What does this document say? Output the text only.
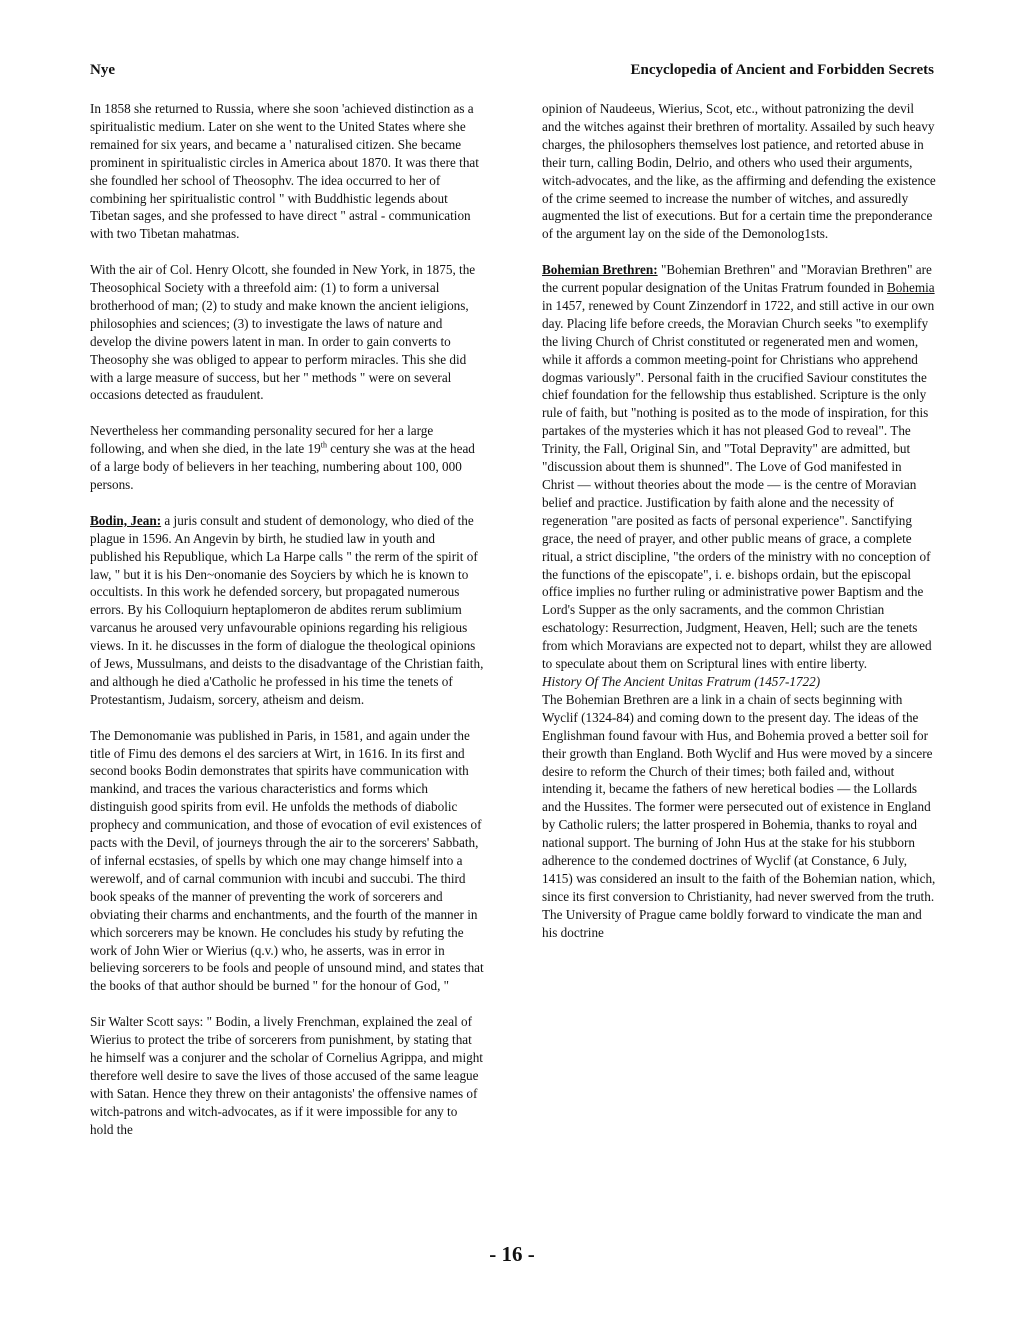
Nye	Encyclopedia of Ancient and Forbidden Secrets

In 1858 she returned to Russia, where she soon 'achieved distinction as a spiritualistic medium. Later on she went to the United States where she remained for six years, and became a ' naturalised citizen. She became prominent in spiritualistic circles in America about 1870. It was there that she foundled her school of Theosophv. The idea occurred to her of combining her spiritualistic control " with Buddhistic legends about Tibetan sages, and she professed to have direct " astral - communication with two Tibetan mahatmas.

With the air of Col. Henry Olcott, she founded in New York, in 1875, the Theosophical Society with a threefold aim: (1) to form a universal brotherhood of man; (2) to study and make known the ancient ieligions, philosophies and sciences; (3) to investigate the laws of nature and develop the divine powers latent in man. In order to gain converts to Theosophy she was obliged to appear to perform miracles. This she did with a large measure of success, but her " methods " were on several occasions detected as fraudulent.

Nevertheless her commanding personality secured for her a large following, and when she died, in the late 19th century she was at the head of a large body of believers in her teaching, numbering about 100, 000 persons.

Bodin, Jean: a juris consult and student of demonology, who died of the plague in 1596. An Angevin by birth, he studied law in youth and published his Republique, which La Harpe calls " the rerm of the spirit of law, " but it is his Den~onomanie des Soyciers by which he is known to occultists. In this work he defended sorcery, but propagated numerous errors. By his Colloquiurn heptaplomeron de abdites rerum sublimium varcanus he aroused very unfavourable opinions regarding his religious views. In it. he discusses in the form of dialogue the theological opinions of Jews, Mussulmans, and deists to the disadvantage of the Christian faith, and although he died a'Catholic he professed in his time the tenets of Protestantism, Judaism, sorcery, atheism and deism.

The Demonomanie was published in Paris, in 1581, and again under the title of Fimu des demons el des sarciers at Wirt, in 1616. In its first and second books Bodin demonstrates that spirits have communication with mankind, and traces the various characteristics and forms which distinguish good spirits from evil. He unfolds the methods of diabolic prophecy and communication, and those of evocation of evil existences of pacts with the Devil, of journeys through the air to the sorcerers' Sabbath, of infernal ecstasies, of spells by which one may change himself into a werewolf, and of carnal communion with incubi and succubi. The third book speaks of the manner of preventing the work of sorcerers and obviating their charms and enchantments, and the fourth of the manner in which sorcerers may be known. He concludes his study by refuting the work of John Wier or Wierius (q.v.) who, he asserts, was in error in believing sorcerers to be fools and people of unsound mind, and states that the books of that author should be burned " for the honour of God, "

Sir Walter Scott says: " Bodin, a lively Frenchman, explained the zeal of Wierius to protect the tribe of sorcerers from punishment, by stating that he himself was a conjurer and the scholar of Cornelius Agrippa, and might therefore well desire to save the lives of those accused of the same league with Satan. Hence they threw on their antagonists' the offensive names of witch-patrons and witch-advocates, as if it were impossible for any to hold the

opinion of Naudeeus, Wierius, Scot, etc., without patronizing the devil and the witches against their brethren of mortality. Assailed by such heavy charges, the philosophers themselves lost patience, and retorted abuse in their turn, calling Bodin, Delrio, and others who used their arguments, witch-advocates, and the like, as the affirming and defending the existence of the crime seemed to increase the number of witches, and assuredly augmented the list of executions. But for a certain time the preponderance of the argument lay on the side of the Demonolog1sts.

Bohemian Brethren: "Bohemian Brethren" and "Moravian Brethren" are the current popular designation of the Unitas Fratrum founded in Bohemia in 1457, renewed by Count Zinzendorf in 1722, and still active in our own day. Placing life before creeds, the Moravian Church seeks "to exemplify the living Church of Christ constituted or regenerated men and women, while it affords a common meeting-point for Christians who apprehend dogmas variously". Personal faith in the crucified Saviour constitutes the chief foundation for the fellowship thus established. Scripture is the only rule of faith, but "nothing is posited as to the mode of inspiration, for this partakes of the mysteries which it has not pleased God to reveal". The Trinity, the Fall, Original Sin, and "Total Depravity" are admitted, but "discussion about them is shunned". The Love of God manifested in Christ — without theories about the mode — is the centre of Moravian belief and practice. Justification by faith alone and the necessity of regeneration "are posited as facts of personal experience". Sanctifying grace, the need of prayer, and other public means of grace, a complete ritual, a strict discipline, "the orders of the ministry with no conception of the functions of the episcopate", i. e. bishops ordain, but the episcopal office implies no further ruling or administrative power Baptism and the Lord's Supper as the only sacraments, and the common Christian eschatology: Resurrection, Judgment, Heaven, Hell; such are the tenets from which Moravians are expected not to depart, whilst they are allowed to speculate about them on Scriptural lines with entire liberty.

History Of The Ancient Unitas Fratrum (1457-1722)

The Bohemian Brethren are a link in a chain of sects beginning with Wyclif (1324-84) and coming down to the present day. The ideas of the Englishman found favour with Hus, and Bohemia proved a better soil for their growth than England. Both Wyclif and Hus were moved by a sincere desire to reform the Church of their times; both failed and, without intending it, became the fathers of new heretical bodies — the Lollards and the Hussites. The former were persecuted out of existence in England by Catholic rulers; the latter prospered in Bohemia, thanks to royal and national support. The burning of John Hus at the stake for his stubborn adherence to the condemed doctrines of Wyclif (at Constance, 6 July, 1415) was considered an insult to the faith of the Bohemian nation, which, since its first conversion to Christianity, had never swerved from the truth. The University of Prague came boldly forward to vindicate the man and his doctrine

- 16 -
